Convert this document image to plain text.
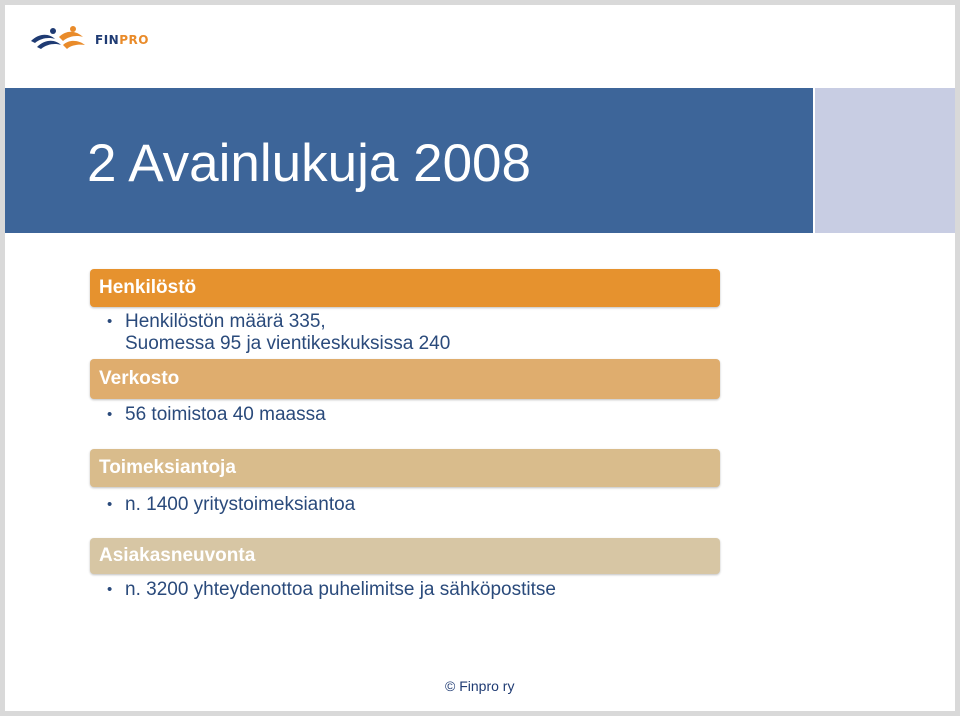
FINPRO
2 Avainlukuja 2008
Henkilöstö
• Henkilöstön määrä 335,
Suomessa 95 ja vientikeskuksissa 240
Verkosto
• 56 toimistoa 40 maassa
Toimeksiantoja
• n. 1400 yritystoimeksiantoa
Asiakasneuvonta
• n. 3200 yhteydenottoa puhelimitse ja sähköpostitse
© Finpro ry
